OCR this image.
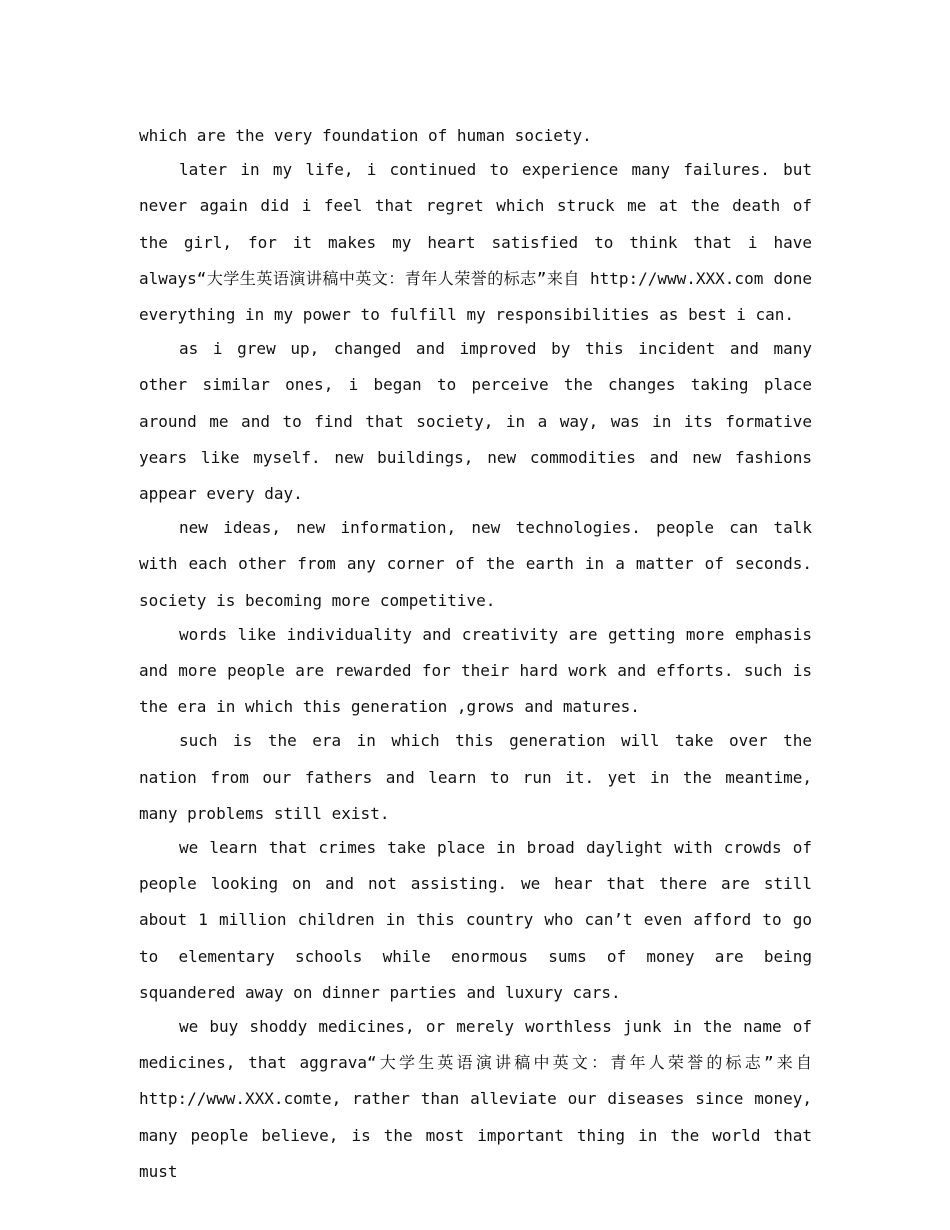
which are the very foundation of human society.

later in my life, i continued to experience many failures. but never again did i feel that regret which struck me at the death of the girl, for it makes my heart satisfied to think that i have always“大学生英语演讲稿中英文：青年人荣誉的标志”来自 http://www.XXX.com done everything in my power to fulfill my responsibilities as best i can.

as i grew up, changed and improved by this incident and many other similar ones, i began to perceive the changes taking place around me and to find that society, in a way, was in its formative years like myself. new buildings, new commodities and new fashions appear every day.

new ideas, new information, new technologies. people can talk with each other from any corner of the earth in a matter of seconds. society is becoming more competitive.

words like individuality and creativity are getting more emphasis and more people are rewarded for their hard work and efforts. such is the era in which this generation ,grows and matures.

such is the era in which this generation will take over the nation from our fathers and learn to run it. yet in the meantime, many problems still exist.

we learn that crimes take place in broad daylight with crowds of people looking on and not assisting. we hear that there are still about 1 million children in this country who can’t even afford to go to elementary schools while enormous sums of money are being squandered away on dinner parties and luxury cars.

we buy shoddy medicines, or merely worthless junk in the name of medicines, that aggrava“大学生英语演讲稿中英文：青年人荣誉的标志”来自 http://www.XXX.comte, rather than alleviate our diseases since money, many people believe, is the most important thing in the world that must
